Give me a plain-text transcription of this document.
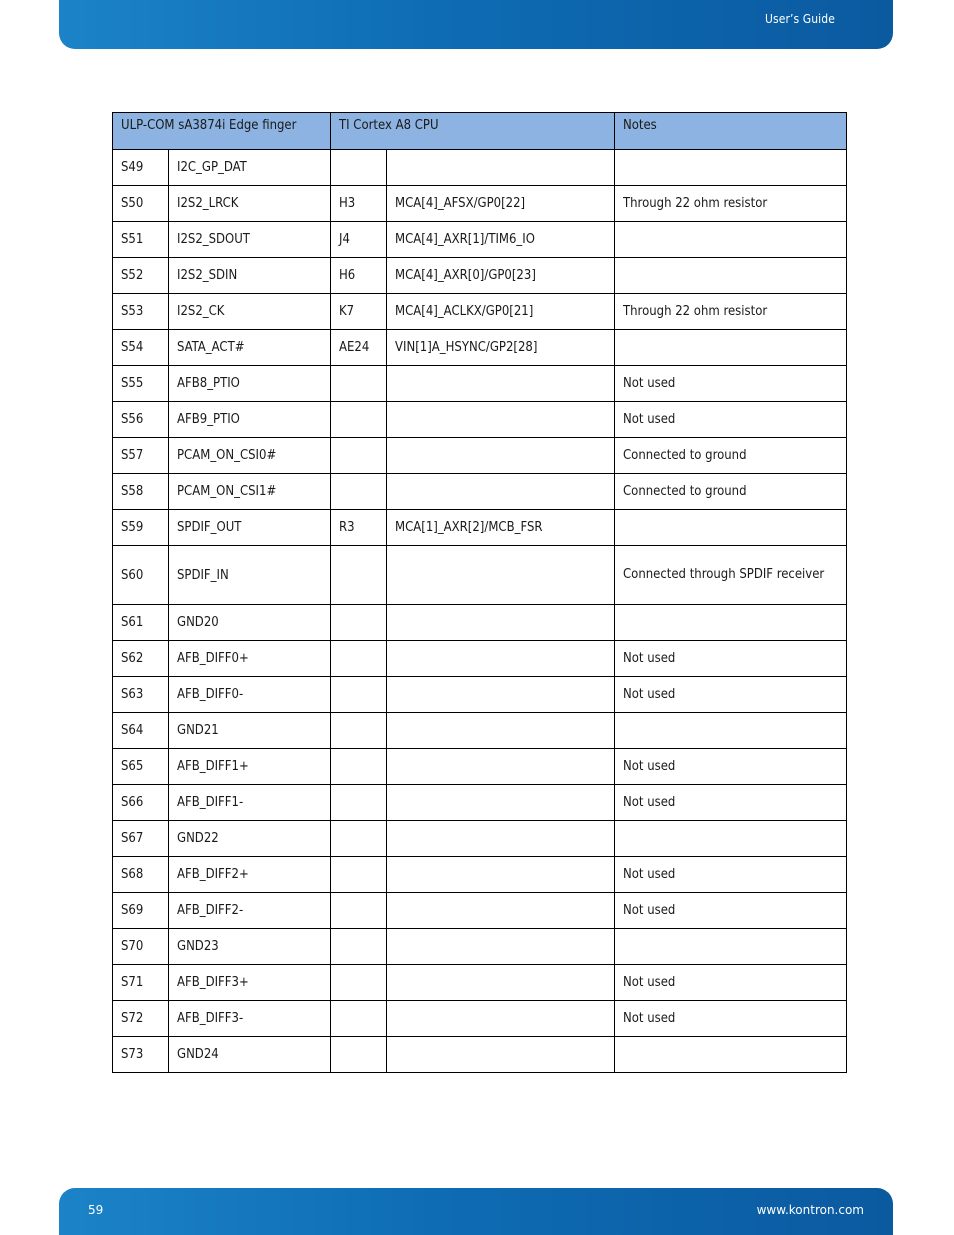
User’s Guide
ULP-COM sA3874i Edge finger		TI Cortex A8 CPU		Notes
S49	I2C_GP_DAT			
S50	I2S2_LRCK	H3	MCA[4]_AFSX/GP0[22]	Through 22 ohm resistor
S51	I2S2_SDOUT	J4	MCA[4]_AXR[1]/TIM6_IO	
S52	I2S2_SDIN	H6	MCA[4]_AXR[0]/GP0[23]	
S53	I2S2_CK	K7	MCA[4]_ACLKX/GP0[21]	Through 22 ohm resistor
S54	SATA_ACT#	AE24	VIN[1]A_HSYNC/GP2[28]	
S55	AFB8_PTIO			Not used
S56	AFB9_PTIO			Not used
S57	PCAM_ON_CSI0#			Connected to ground
S58	PCAM_ON_CSI1#			Connected to ground
S59	SPDIF_OUT	R3	MCA[1]_AXR[2]/MCB_FSR	
S60	SPDIF_IN			Connected through SPDIF receiver
S61	GND20			
S62	AFB_DIFF0+			Not used
S63	AFB_DIFF0-			Not used
S64	GND21			
S65	AFB_DIFF1+			Not used
S66	AFB_DIFF1-			Not used
S67	GND22			
S68	AFB_DIFF2+			Not used
S69	AFB_DIFF2-			Not used
S70	GND23			
S71	AFB_DIFF3+			Not used
S72	AFB_DIFF3-			Not used
S73	GND24			
59	www.kontron.com
